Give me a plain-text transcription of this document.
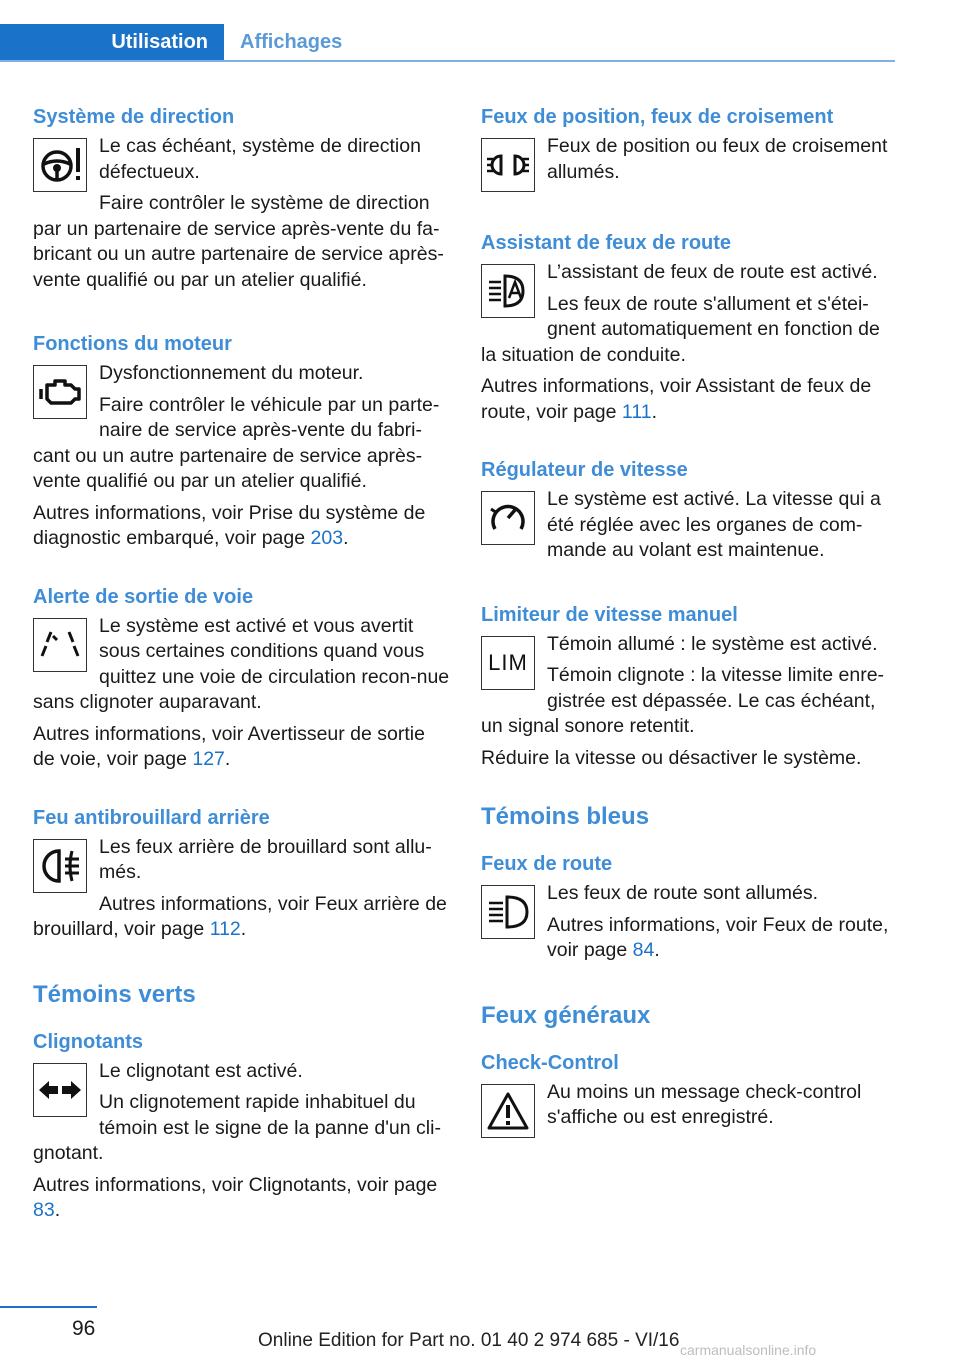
Utilisation	Affichages
Système de direction

Le cas échéant, système de direction défectueux.

Faire contrôler le système de direction par un partenaire de service après-vente du fa-bricant ou un autre partenaire de service après-vente qualifié ou par un atelier qualifié.

Fonctions du moteur

Dysfonctionnement du moteur.

Faire contrôler le véhicule par un parte-naire de service après-vente du fabri-cant ou un autre partenaire de service après-vente qualifié ou par un atelier qualifié.

Autres informations, voir Prise du système de diagnostic embarqué, voir page 203.

Alerte de sortie de voie

Le système est activé et vous avertit sous certaines conditions quand vous quittez une voie de circulation recon-nue sans clignoter auparavant.

Autres informations, voir Avertisseur de sortie de voie, voir page 127.

Feu antibrouillard arrière

Les feux arrière de brouillard sont allu-més.

Autres informations, voir Feux arrière de brouillard, voir page 112.

Témoins verts
Clignotants

Le clignotant est activé.

Un clignotement rapide inhabituel du témoin est le signe de la panne d'un cli-gnotant.

Autres informations, voir Clignotants, voir page 83.

Feux de position, feux de croisement

Feux de position ou feux de croisement allumés.

Assistant de feux de route

L’assistant de feux de route est activé.

Les feux de route s'allument et s'étei-gnent automatiquement en fonction de la situation de conduite.

Autres informations, voir Assistant de feux de route, voir page 111.

Régulateur de vitesse

Le système est activé. La vitesse qui a été réglée avec les organes de com-mande au volant est maintenue.

Limiteur de vitesse manuel
LIM

Témoin allumé : le système est activé.

Témoin clignote : la vitesse limite enre-gistrée est dépassée. Le cas échéant, un signal sonore retentit.

Réduire la vitesse ou désactiver le système.

Témoins bleus
Feux de route

Les feux de route sont allumés.

Autres informations, voir Feux de route, voir page 84.

Feux généraux
Check-Control

Au moins un message check-control s'affiche ou est enregistré.

96
Online Edition for Part no. 01 40 2 974 685 - VI/16 carmanualsonline.info
